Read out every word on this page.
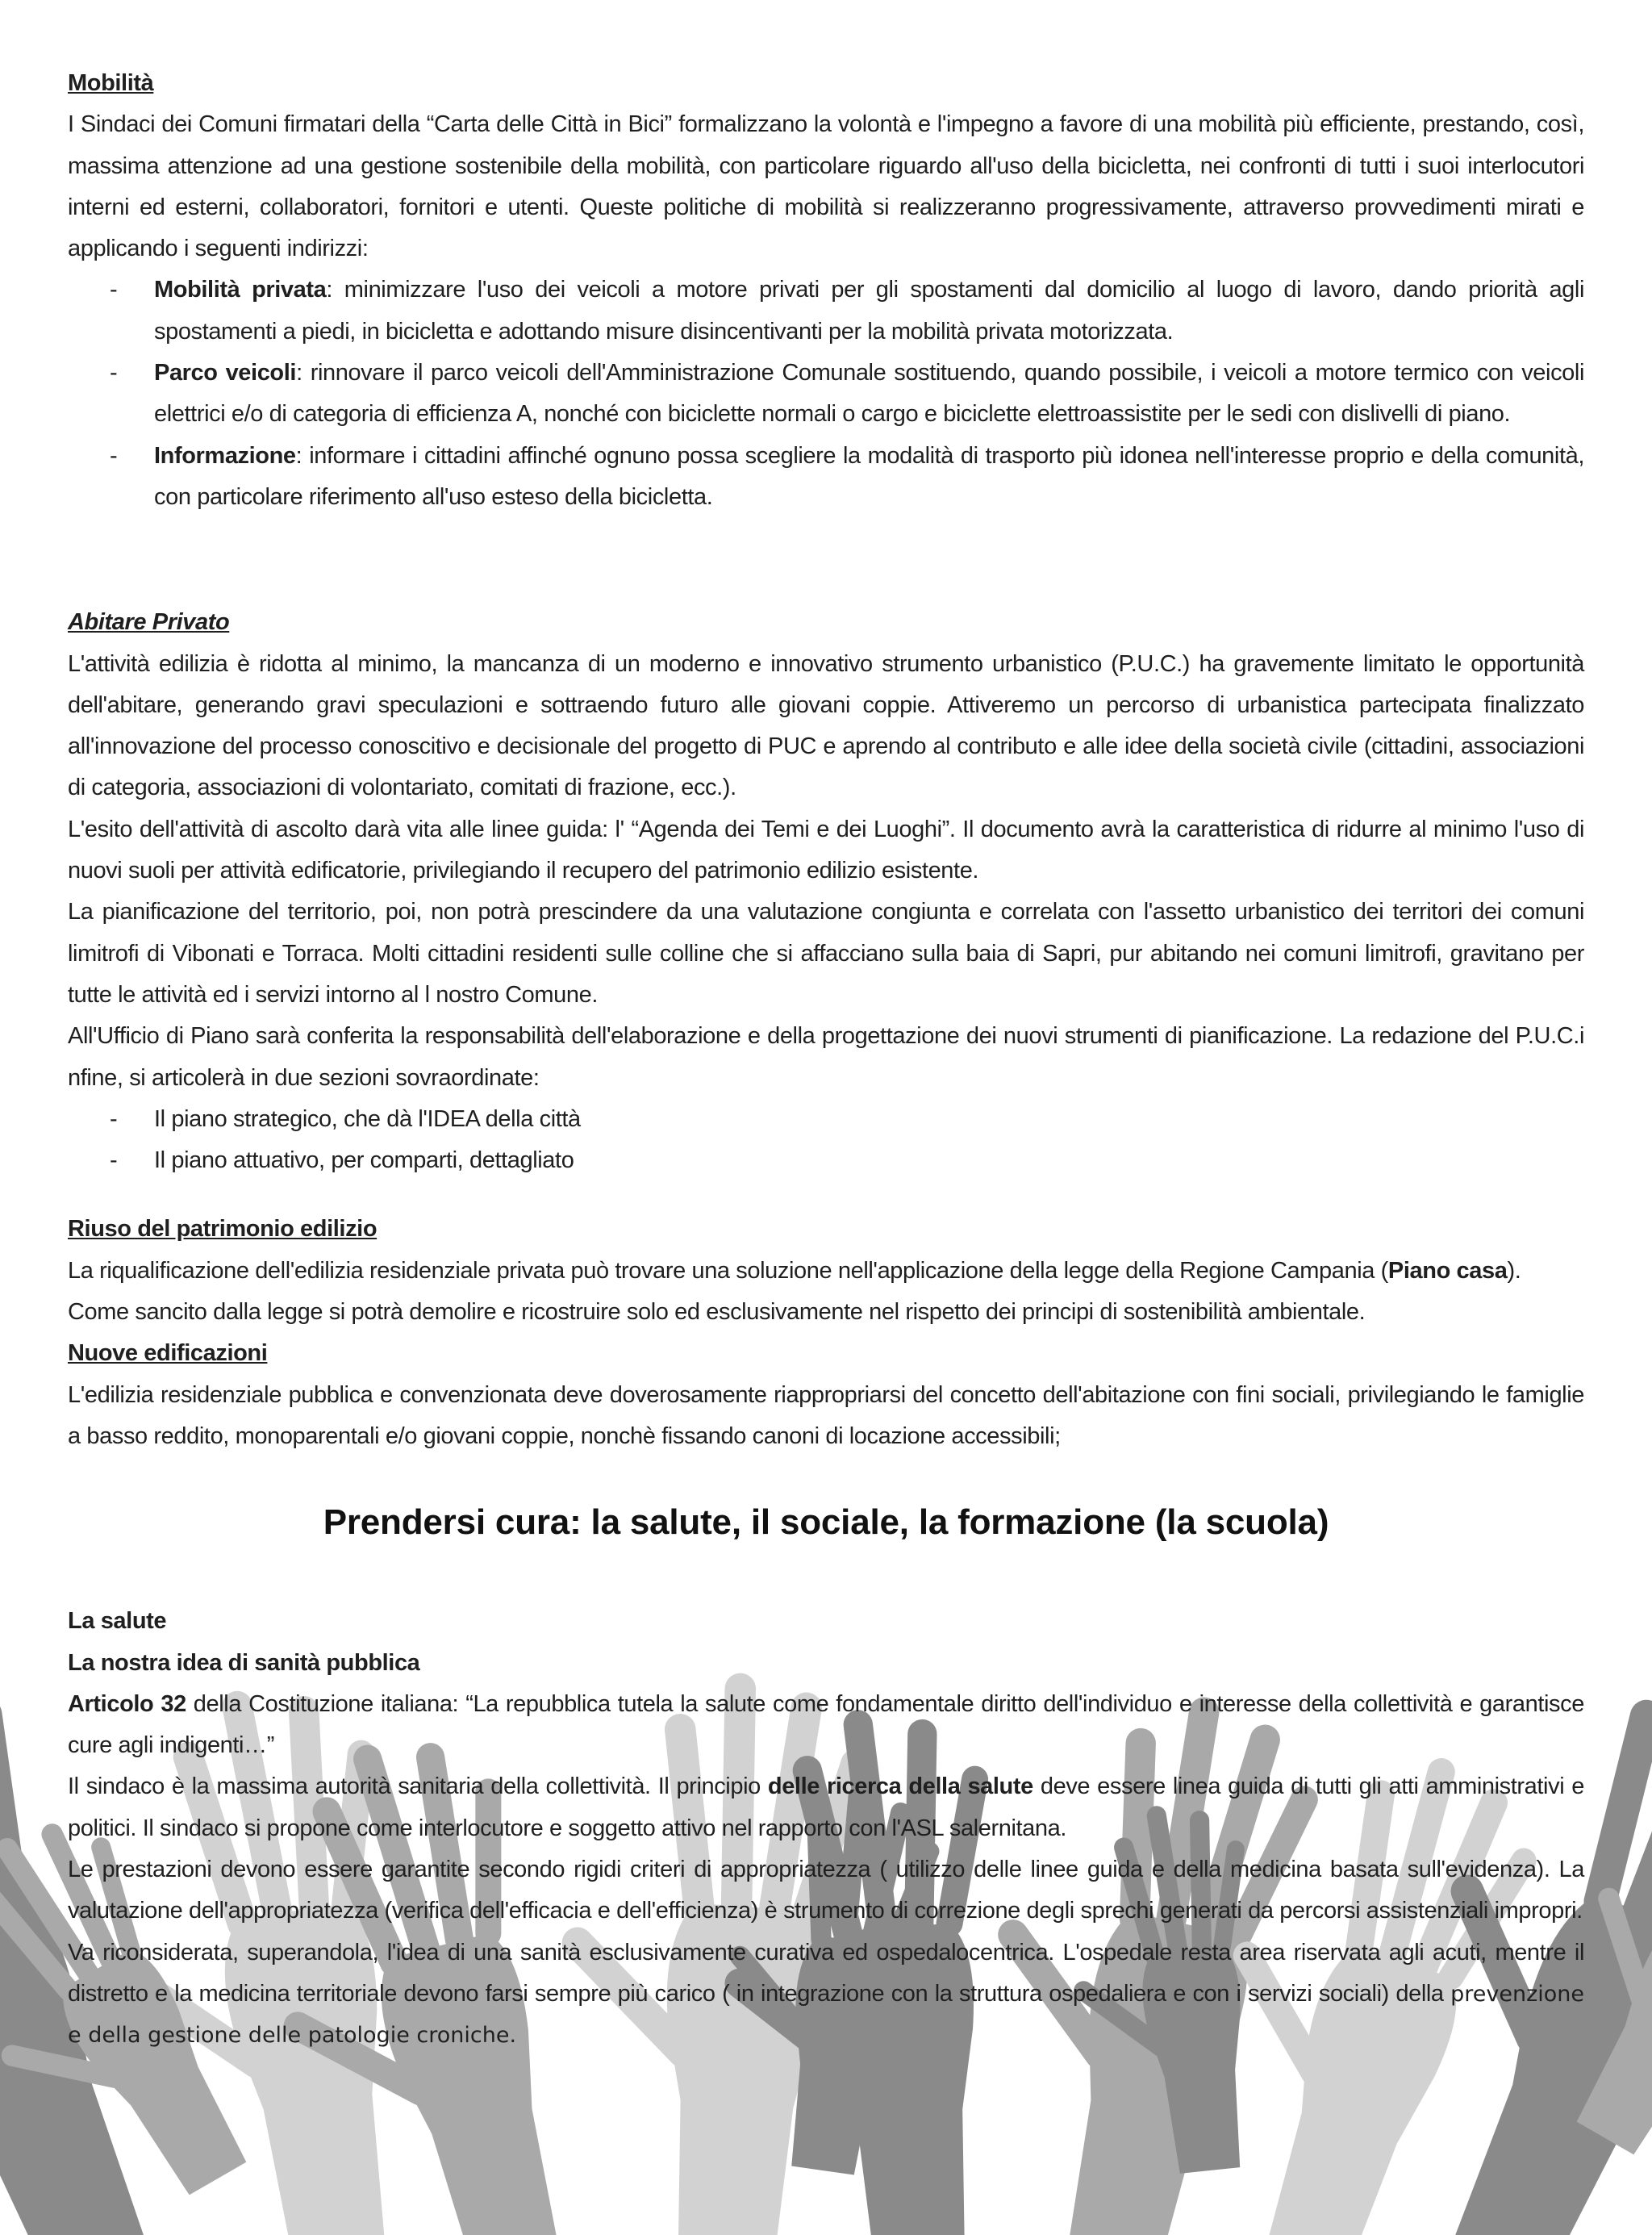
Mobilità

I Sindaci dei Comuni firmatari della “Carta delle Città in Bici” formalizzano la volontà e l'impegno a favore di una mobilità più efficiente, prestando, così, massima attenzione ad una gestione sostenibile della mobilità, con particolare riguardo all'uso della bicicletta, nei confronti di tutti i suoi interlocutori interni ed esterni, collaboratori, fornitori e utenti. Queste politiche di mobilità si realizzeranno progressivamente, attraverso provvedimenti mirati e applicando i seguenti indirizzi:

- Mobilità privata: minimizzare l'uso dei veicoli a motore privati per gli spostamenti dal domicilio al luogo di lavoro, dando priorità agli spostamenti a piedi, in bicicletta e adottando misure disincentivanti per la mobilità privata motorizzata.
- Parco veicoli: rinnovare il parco veicoli dell'Amministrazione Comunale sostituendo, quando possibile, i veicoli a motore termico con veicoli elettrici e/o di categoria di efficienza A, nonché con biciclette normali o cargo e biciclette elettroassistite per le sedi con dislivelli di piano.
- Informazione: informare i cittadini affinché ognuno possa scegliere la modalità di trasporto più idonea nell'interesse proprio e della comunità, con particolare riferimento all'uso esteso della bicicletta.
Abitare Privato

L'attività edilizia è ridotta al minimo, la mancanza di un moderno e innovativo strumento urbanistico (P.U.C.) ha gravemente limitato le opportunità dell'abitare, generando gravi speculazioni e sottraendo futuro alle giovani coppie. Attiveremo un percorso di urbanistica partecipata finalizzato all'innovazione del processo conoscitivo e decisionale del progetto di PUC e aprendo al contributo e alle idee della società civile (cittadini, associazioni di categoria, associazioni di volontariato, comitati di frazione, ecc.).

L'esito dell'attività di ascolto darà vita alle linee guida: l' “Agenda dei Temi e dei Luoghi”. Il documento avrà la caratteristica di ridurre al minimo l'uso di nuovi suoli per attività edificatorie, privilegiando il recupero del patrimonio edilizio esistente.

La pianificazione del territorio, poi, non potrà prescindere da una valutazione congiunta e correlata con l'assetto urbanistico dei territori dei comuni limitrofi di Vibonati e Torraca. Molti cittadini residenti sulle colline che si affacciano sulla baia di Sapri, pur abitando nei comuni limitrofi, gravitano per tutte le attività ed i servizi intorno al l nostro Comune.

All'Ufficio di Piano sarà conferita la responsabilità dell'elaborazione e della progettazione dei nuovi strumenti di pianificazione. La redazione del P.U.C.i nfine, si articolerà in due sezioni sovraordinate:

- Il piano strategico, che dà l'IDEA della città
- Il piano attuativo, per comparti, dettagliato
Riuso del patrimonio edilizio

La riqualificazione dell'edilizia residenziale privata può trovare una soluzione nell'applicazione della legge della Regione Campania (Piano casa).

Come sancito dalla legge si potrà demolire e ricostruire solo ed esclusivamente nel rispetto dei principi di sostenibilità ambientale.

Nuove edificazioni

L'edilizia residenziale pubblica e convenzionata deve doverosamente riappropriarsi del concetto dell'abitazione con fini sociali, privilegiando le famiglie a basso reddito, monoparentali e/o giovani coppie, nonchè fissando canoni di locazione accessibili;

Prendersi cura: la salute, il sociale, la formazione (la scuola)
La salute
La nostra idea di sanità pubblica

Articolo 32 della Costituzione italiana: “La repubblica tutela la salute come fondamentale diritto dell'individuo e interesse della collettività e garantisce cure agli indigenti…”

Il sindaco è la massima autorità sanitaria della collettività. Il principio delle ricerca della salute deve essere linea guida di tutti gli atti amministrativi e politici. Il sindaco si propone come interlocutore e soggetto attivo nel rapporto con l'ASL salernitana.

Le prestazioni devono essere garantite secondo rigidi criteri di appropriatezza ( utilizzo delle linee guida e della medicina basata sull'evidenza). La valutazione dell'appropriatezza (verifica dell'efficacia e dell'efficienza) è strumento di correzione degli sprechi generati da percorsi assistenziali impropri.

Va riconsiderata, superandola, l'idea di una sanità esclusivamente curativa ed ospedalocentrica. L'ospedale resta area riservata agli acuti, mentre il distretto e la medicina territoriale devono farsi sempre più carico ( in integrazione con la struttura ospedaliera e con i servizi sociali) della prevenzione e della gestione delle patologie croniche.
